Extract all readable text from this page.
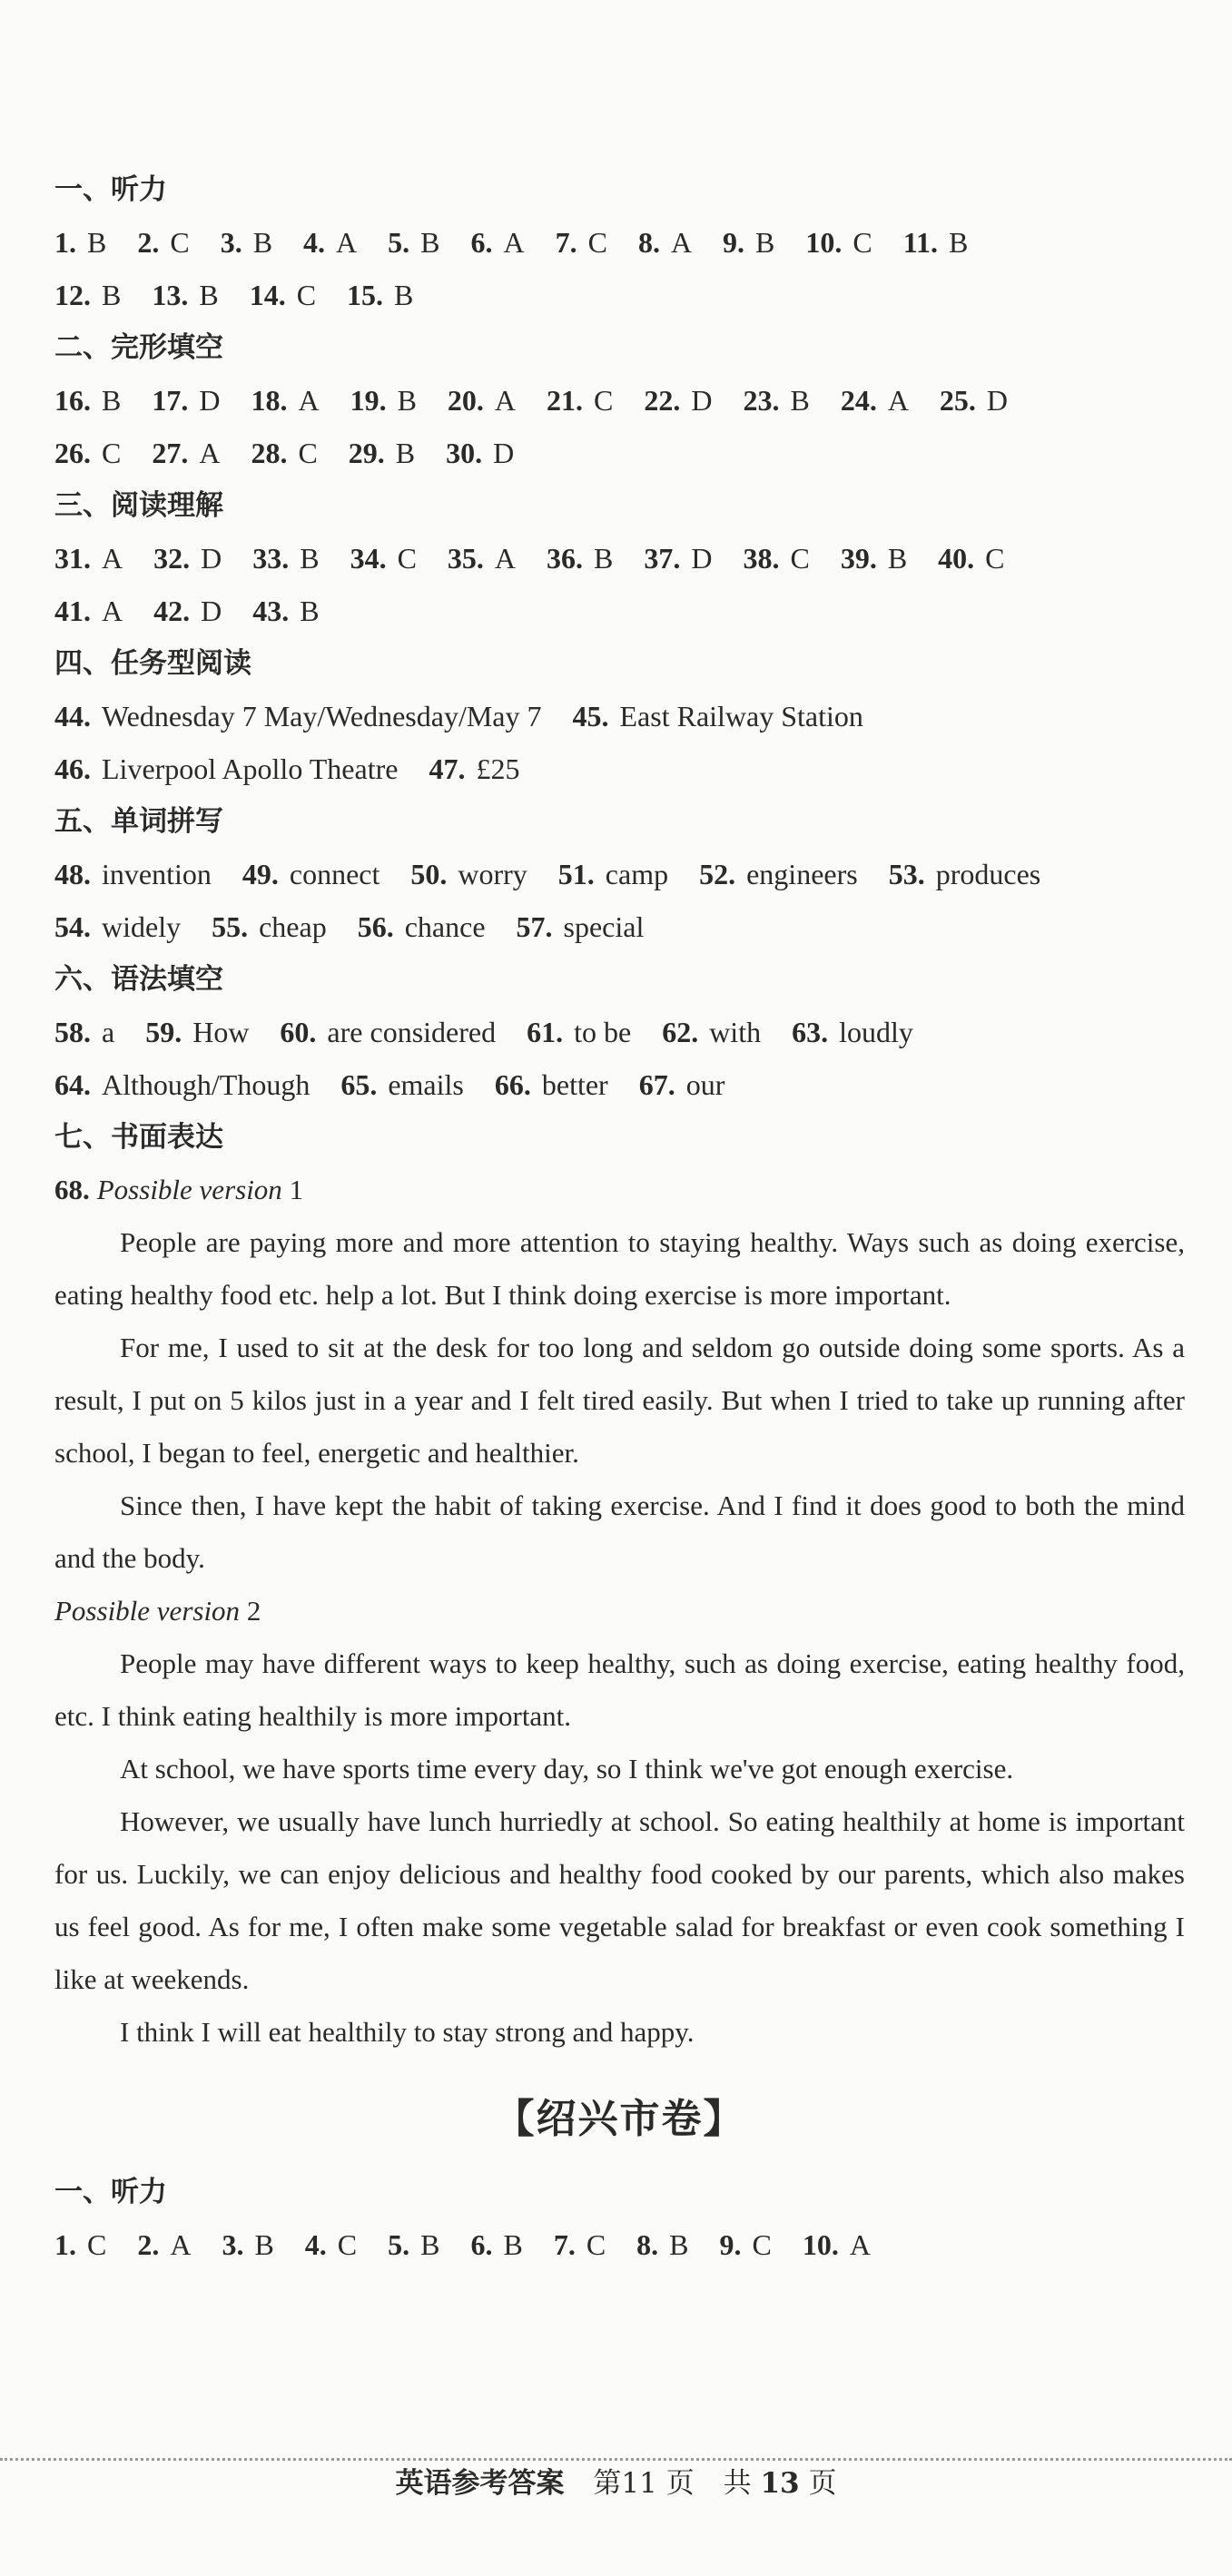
一、听力
1. B 2. C 3. B 4. A 5. B 6. A 7. C 8. A 9. B 10. C 11. B
12. B 13. B 14. C 15. B
二、完形填空
16. B 17. D 18. A 19. B 20. A 21. C 22. D 23. B 24. A 25. D
26. C 27. A 28. C 29. B 30. D
三、阅读理解
31. A 32. D 33. B 34. C 35. A 36. B 37. D 38. C 39. B 40. C
41. A 42. D 43. B
四、任务型阅读
44. Wednesday 7 May/Wednesday/May 7 45. East Railway Station
46. Liverpool Apollo Theatre 47. £25
五、单词拼写
48. invention 49. connect 50. worry 51. camp 52. engineers 53. produces
54. widely 55. cheap 56. chance 57. special
六、语法填空
58. a 59. How 60. are considered 61. to be 62. with 63. loudly
64. Although/Though 65. emails 66. better 67. our
七、书面表达
68. Possible version 1

People are paying more and more attention to staying healthy. Ways such as doing exercise, eating healthy food etc. help a lot. But I think doing exercise is more important.

For me, I used to sit at the desk for too long and seldom go outside doing some sports. As a result, I put on 5 kilos just in a year and I felt tired easily. But when I tried to take up running after school, I began to feel, energetic and healthier.

Since then, I have kept the habit of taking exercise. And I find it does good to both the mind and the body.

Possible version 2

People may have different ways to keep healthy, such as doing exercise, eating healthy food, etc. I think eating healthily is more important.

At school, we have sports time every day, so I think we've got enough exercise.

However, we usually have lunch hurriedly at school. So eating healthily at home is important for us. Luckily, we can enjoy delicious and healthy food cooked by our parents, which also makes us feel good. As for me, I often make some vegetable salad for breakfast or even cook something I like at weekends.

I think I will eat healthily to stay strong and happy.

【绍兴市卷】
一、听力
1. C 2. A 3. B 4. C 5. B 6. B 7. C 8. B 9. C 10. A
英语参考答案 第11 页 共 13 页
